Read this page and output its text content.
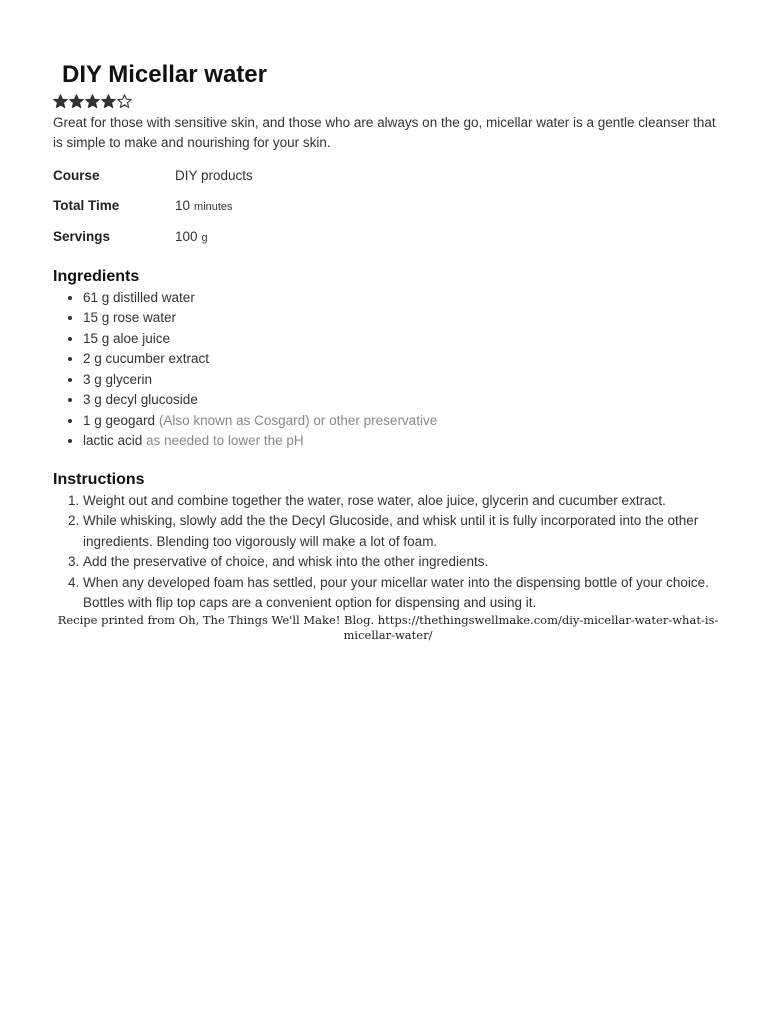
DIY Micellar water
Great for those with sensitive skin, and those who are always on the go, micellar water is a gentle cleanser that is simple to make and nourishing for your skin.
Course	DIY products
Total Time	10 minutes
Servings	100 g
Ingredients
• 61 g distilled water
• 15 g rose water
• 15 g aloe juice
• 2 g cucumber extract
• 3 g glycerin
• 3 g decyl glucoside
• 1 g geogard (Also known as Cosgard) or other preservative
• lactic acid as needed to lower the pH
Instructions
1. Weight out and combine together the water, rose water, aloe juice, glycerin and cucumber extract.
2. While whisking, slowly add the the Decyl Glucoside, and whisk until it is fully incorporated into the other ingredients. Blending too vigorously will make a lot of foam.
3. Add the preservative of choice, and whisk into the other ingredients.
4. When any developed foam has settled, pour your micellar water into the dispensing bottle of your choice. Bottles with flip top caps are a convenient option for dispensing and using it.
Recipe printed from Oh, The Things We'll Make! Blog. https://thethingswellmake.com/diy-micellar-water-what-is-micellar-water/
